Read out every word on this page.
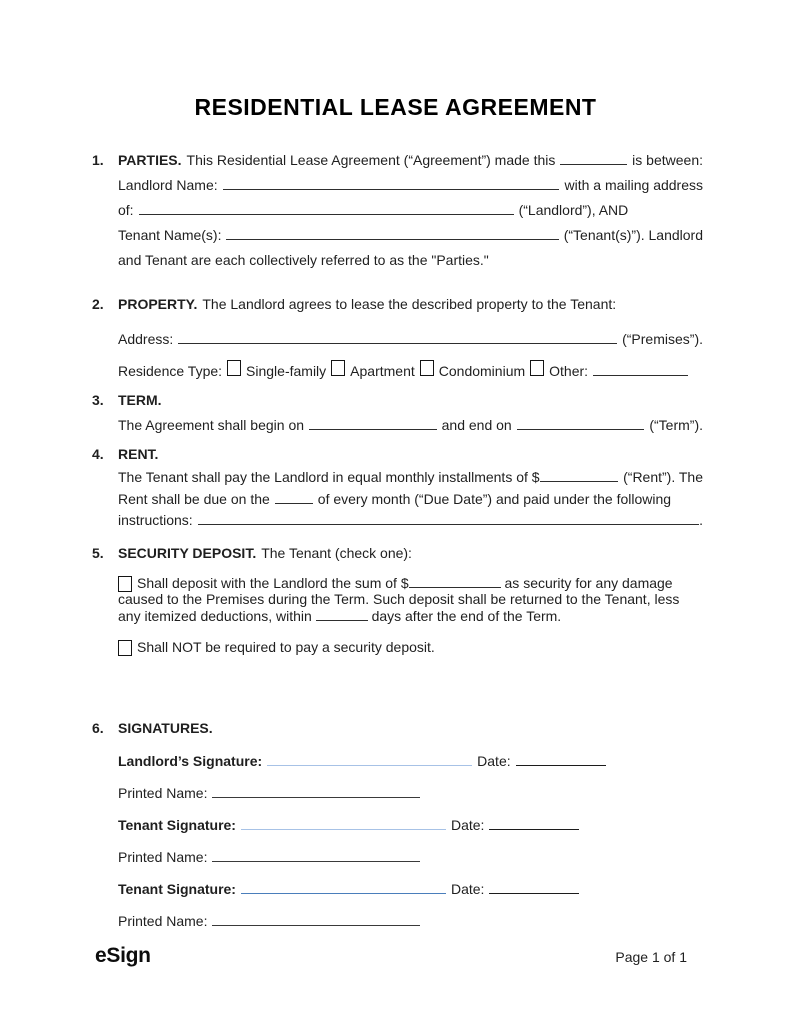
RESIDENTIAL LEASE AGREEMENT
1.	PARTIES. This Residential Lease Agreement (“Agreement”) made this	is between:
Landlord Name:	with a mailing address
of:	(“Landlord”), AND
Tenant Name(s):	(“Tenant(s)”). Landlord
and Tenant are each collectively referred to as the "Parties."
2.	PROPERTY. The Landlord agrees to lease the described property to the Tenant:
Address:	(“Premises”).
Residence Type: Single-family Apartment Condominium Other:
3.	TERM.
The Agreement shall begin on	and end on	(“Term”).
4.	RENT.
The Tenant shall pay the Landlord in equal monthly installments of $	(“Rent”). The
Rent shall be due on the	of every month (“Due Date”) and paid under the following
instructions:	.
5.	SECURITY DEPOSIT. The Tenant (check one):

Shall deposit with the Landlord the sum of $	as security for any damage caused to the Premises during the Term. Such deposit shall be returned to the Tenant, less any itemized deductions, within	days after the end of the Term.

Shall NOT be required to pay a security deposit.

6.	SIGNATURES.
Landlord’s Signature:	Date:
Printed Name:
Tenant Signature:	Date:
Printed Name:
Tenant Signature:	Date:
Printed Name:
eSign	Page 1 of 1
